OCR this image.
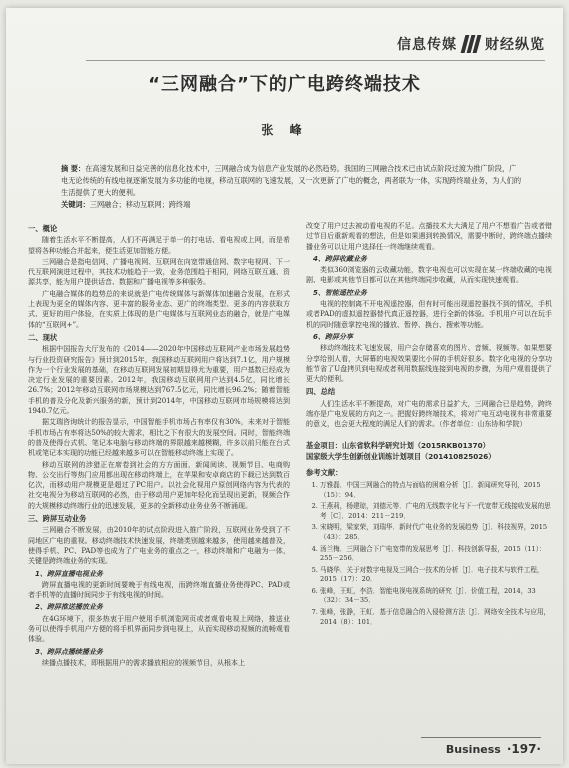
信息传媒 财经纵览
“三网融合”下的广电跨终端技术
张 峰
摘 要：在高速发展和日益完善的信息化技术中，三网融合成为信息产业发展的必然趋势。我国的三网融合技术已由试点阶段过渡为推广阶段，广电无论传统的有线电视逐渐发展为多功能的电视，移动互联网的飞速发展，又一次更新了广电的概念，两者联为一体，实现跨终端业务，为人们的生活提供了更大的便利。
关键词：三网融合；移动互联网；跨终端
一、概论

随着生活水平不断提高，人们不再满足于单一的打电话、看电视或上网，而是希望将各种功能合并起来，便生活更加智能方便。

三网融合是指电信网、广播电视网、互联网在向宽带通信网、数字电视网、下一代互联网演进过程中，其技术功能趋于一致，业务范围趋于相同，网络互联互通、资源共享，能为用户提供话音、数据和广播电视等多种服务。

广电融合媒体的趋势总的来说就是广电传统媒体与新媒体加速融合发展，在形式上表现为更全的媒体内容、更丰富的服务业态、更广的终端类型、更多的内容获取方式、更好的用户体验，在实质上体现的是广电媒体与互联网业态的融合，就是广电媒体的“互联网+”。

二、现状

根据中国报告大厅发布的《2014——2020年中国移动互联网产业市场发展趋势与行业投资研究报告》预计到2015年，我国移动互联网用户将达到7.1亿，用户规模作为一个行业发展的基础，在移动互联网发展初期显得尤为重要，用户基数已经成为决定行业发展的重要因素。2012年，我国移动互联网用户达到4.5亿，同比增长26.7%；2012年移动互联网市场规模达到767.5亿元，同比增长96.2%；随着智能手机的普及分化及新兴服务的新，预计到2014年，中国移动互联网市场规模将达到1940.7亿元。

据艾瑞咨询统计的报告显示，中国智能手机市场占有率仅有30%，未来对于智能手机市场占有率将达50%的较大需求，相比之下有很大的发展空间。同时，智能终端的普及使得台式机、笔记本电脑与移动终端的界限越来越模糊，许多以前只能在台式机或笔记本实现的功能已经越来越多可以在智能移动终端上实现了。

移动互联网的涉猎正在席卷到社会的方方面面，新闻阅读、视频节目、电商购物、公交出行等热门应用都出现在移动终端上，在苹果和安卓商店的下载已达到数百亿次，而移动用户规模更是超过了PC用户。以社会化视用户原创网络内容为代表的社交电视分为移动互联网的必然，由于移动用户更加年轻化而呈现出更新，视频合作的大规模移动终端行业的迅速发展，更多的全新移动业务业务不断涌现。

三、跨屏互动业务

三网融合不断发展，由2010年的试点阶段进入推广阶段，互联网业务受到了不同地区广电的重视。移动终端技术快速发展，终端类别越来越多，使用越来越普及，使得手机、PC、PAD等也成为了广电业务的重点之一，移动终端和广电融为一体，关键是跨终端业务的实现。

1、跨屏直播电视业务

跨屏直播电视的更新时间要晚于有线电视，而跨终端直播业务使得PC、PAD或者手机等的直播时间同步于有线电视的时间。

2、跨屏推送播放业务

在4G环境下，很多热衷于用户使用手机浏览网页或者观看电视上网络，推送业务可以使得手机用户方便的将手机界面同步到电视上，从而实现移动视频的流畅观看体验。

3、跨屏点播续播业务

续播点播技术，即根据用户的需求播放相应的视频节目，从根本上

改变了用户过去被动看电视的不足。点播技术大大满足了用户不想看广告或者错过节目后重新观看的想法，但是如果遇到转换情况，需要中断时，跨终端点播续播业务可以让用户选择任一终端继续观看。

4、跨屏收藏业务

类似360浏览器的云收藏功能，数字电视也可以实现在某一终端收藏的电视剧、电影或其他节目都可以在其他终端同步收藏，从而实现快速观看。

5、智能遥控业务

电视的控制离不开电视遥控器，但有时可能出现遥控器找不到的情况，手机或者PAD的虚拟遥控器替代真正遥控器，进行全新的体验。手机用户可以在玩手机的同时随意掌控电视的播放、暂停、换台、搜索等功能。

6、跨屏分享

移动终端技术飞速发展，用户会存储喜欢的图片、音频、视频等。如果想要分享给别人看，大屏幕的电视效果要比小屏的手机好很多。数字化电视的分享功能节省了U盘拷贝到电视或者利用数据线连接到电视的步骤，为用户观看提供了更大的便利。

四、总结

人们生活水平不断提高，对广电的需求日益扩大，三网融合已是趋势，跨终端亦是广电发展的方向之一。把握好跨终端技术，将对广电互动电视有非常重要的意义，也会更大程度的满足人们的需求。（作者单位：山东协和学院）

基金项目：山东省软科学研究计划（2015RKB01370）
国家级大学生创新创业训练计划项目（201410825026）
参考文献：
1. 万雅磊．中国三网融合的特点与面临的困难分析［J］．新闻研究导刊，2015（15）：94．
2. 王燕莉，杨建琼，刘德元等．广电的无线数字化与下一代宽带无线接收发展的思考［C］．2014：211－219．
3. 宋晓明，梁家荣，刘瑞华．新时代广电业务的发展趋势［J］．科技视界，2015（43）：285．
4. 汤兰梅．三网融合下广电宽带的发展思考［J］．科技创新导报，2015（11）：255－256．
5. 马晓华．关于对数字电视及三网合一技术的分析［J］．电子技术与软件工程，2015（17）：20．
6. 张峰，王虹，李浩．智能电视电视系统的研究［J］．价值工程，2014，33（32）：34－35．
7. 张峰，张静，王虹．基于信息融合的入侵检测方法［J］．网络安全技术与应用，2014（8）：101．
Business ·197·
